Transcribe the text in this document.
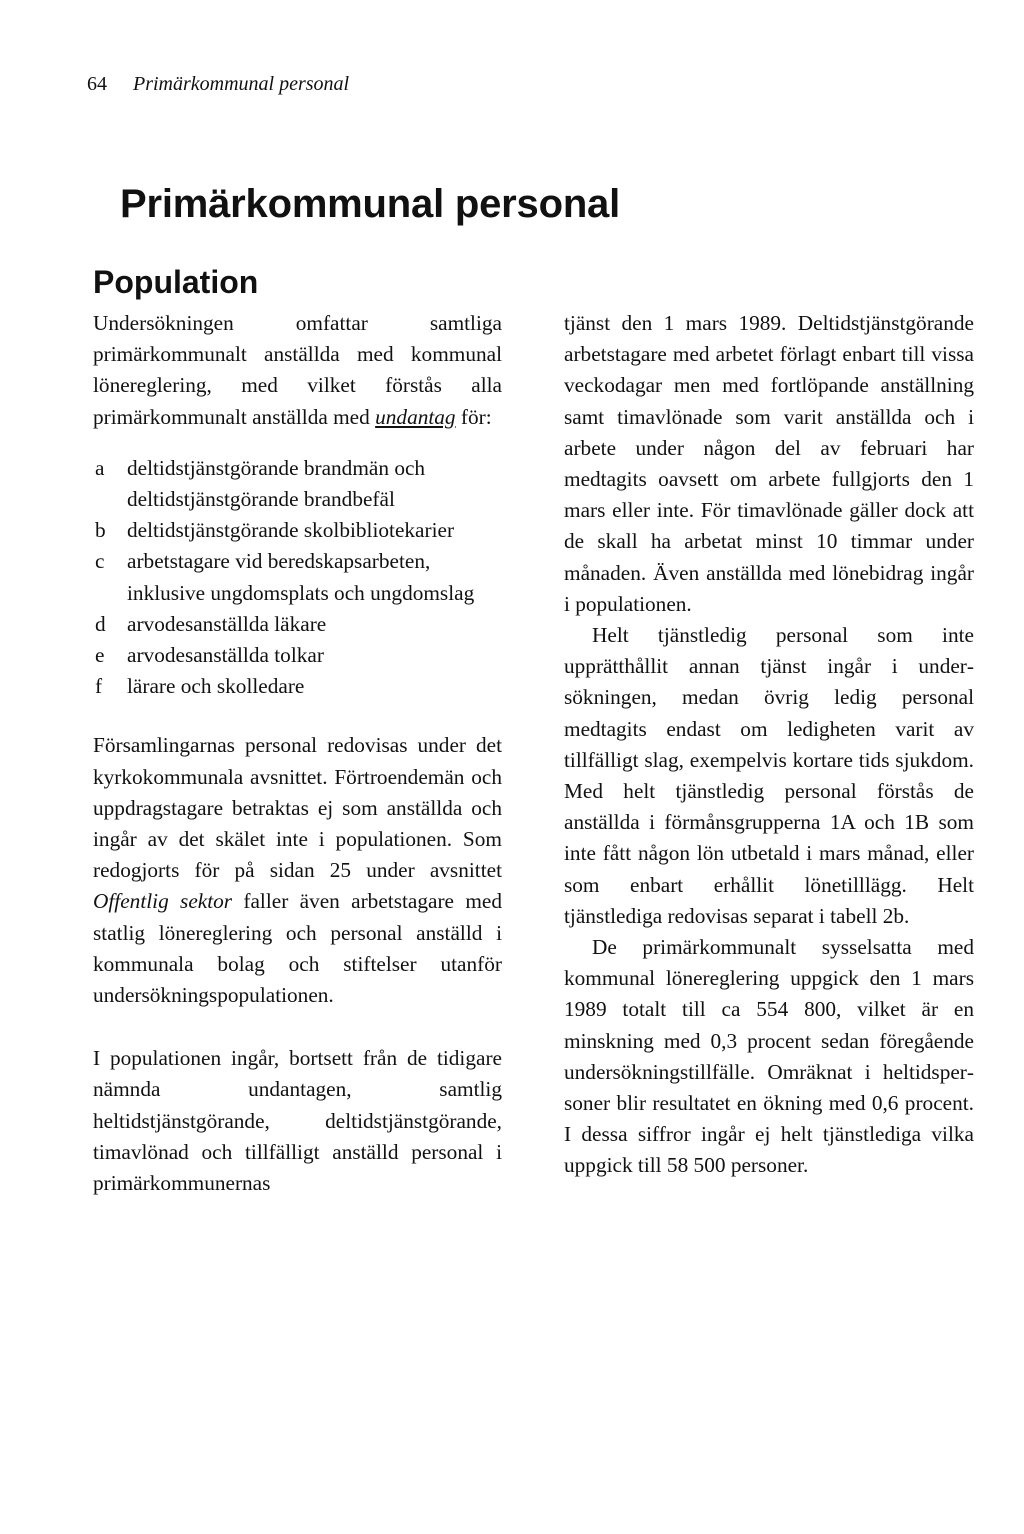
64 Primärkommunal personal
Primärkommunal personal
Population

Undersökningen omfattar samtliga primärkommunalt anställda med kommunal lönereglering, med vilket förstås alla primärkommunalt anställda med undantag för:

a	deltidstjänstgörande brandmän och deltidstjänstgörande brandbefäl
b	deltidstjänstgörande skolbibliotekarier
c	arbetstagare vid beredskapsarbeten, inklusive ungdomsplats och ungdomslag
d	arvodesanställda läkare
e	arvodesanställda tolkar
f	lärare och skolledare

Församlingarnas personal redovisas under det kyrkokommunala avsnittet. Förtroendemän och uppdragstagare betraktas ej som anställda och ingår av det skälet inte i populationen. Som redogjorts för på sidan 25 under avsnittet Offentlig sektor faller även arbetstagare med statlig lönereglering och personal anställd i kommunala bolag och stiftelser utanför undersökningspopulationen.

I populationen ingår, bortsett från de tidigare nämnda undantagen, samtlig heltidstjänstgörande, deltidstjänstgörande, timavlönad och tillfälligt anställd personal i primärkommunernas

tjänst den 1 mars 1989. Deltidstjänstgörande arbetstagare med arbetet förlagt enbart till vissa veckodagar men med fortlöpande anställning samt timavlönade som varit anställda och i arbete under någon del av februari har medtagits oavsett om arbete fullgjorts den 1 mars eller inte. För timavlönade gäller dock att de skall ha arbetat minst 10 timmar under månaden. Även anställda med lönebidrag ingår i populationen.

Helt tjänstledig personal som inte upprätthållit annan tjänst ingår i undersökningen, medan övrig ledig personal medtagits endast om ledigheten varit av tillfälligt slag, exempelvis kortare tids sjukdom. Med helt tjänstledig personal förstås de anställda i förmånsgrupperna 1A och 1B som inte fått någon lön utbetald i mars månad, eller som enbart erhållit lönetilllägg. Helt tjänstlediga redovisas separat i tabell 2b.

De primärkommunalt sysselsatta med kommunal lönereglering uppgick den 1 mars 1989 totalt till ca 554 800, vilket är en minskning med 0,3 procent sedan föregående undersökningstillfälle. Omräknat i heltidspersoner blir resultatet en ökning med 0,6 procent. I dessa siffror ingår ej helt tjänstlediga vilka uppgick till 58 500 personer.
